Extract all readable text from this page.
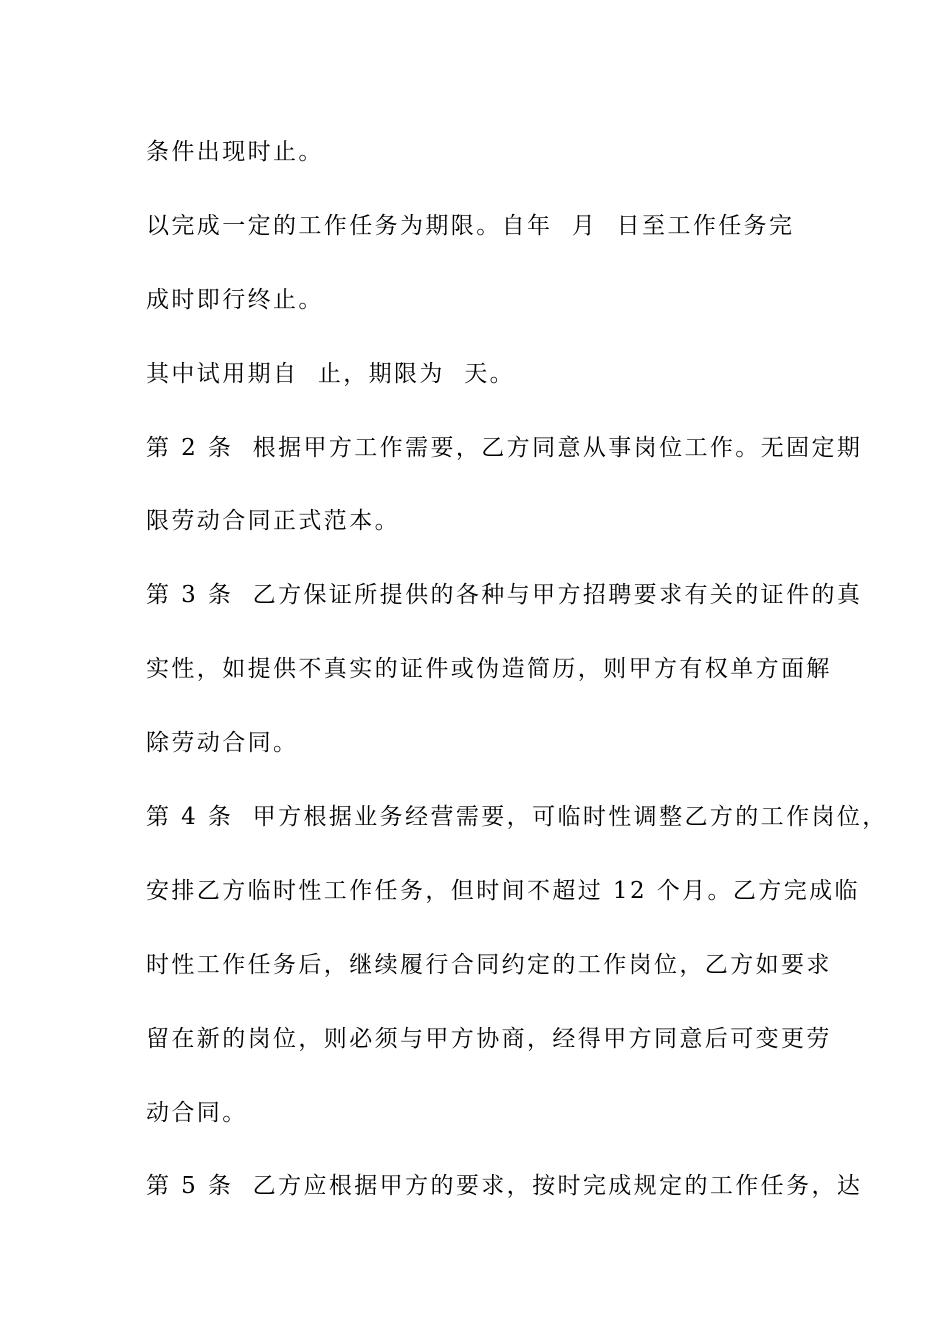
条件出现时止。
以完成一定的工作任务为期限。自年  月  日至工作任务完
成时即行终止。
其中试用期自  止，期限为  天。
第 2 条  根据甲方工作需要，乙方同意从事岗位工作。无固定期
限劳动合同正式范本。
第 3 条  乙方保证所提供的各种与甲方招聘要求有关的证件的真
实性，如提供不真实的证件或伪造简历，则甲方有权单方面解
除劳动合同。
第 4 条  甲方根据业务经营需要，可临时性调整乙方的工作岗位，
安排乙方临时性工作任务，但时间不超过 12 个月。乙方完成临
时性工作任务后，继续履行合同约定的工作岗位，乙方如要求
留在新的岗位，则必须与甲方协商，经得甲方同意后可变更劳
动合同。
第 5 条  乙方应根据甲方的要求，按时完成规定的工作任务，达
